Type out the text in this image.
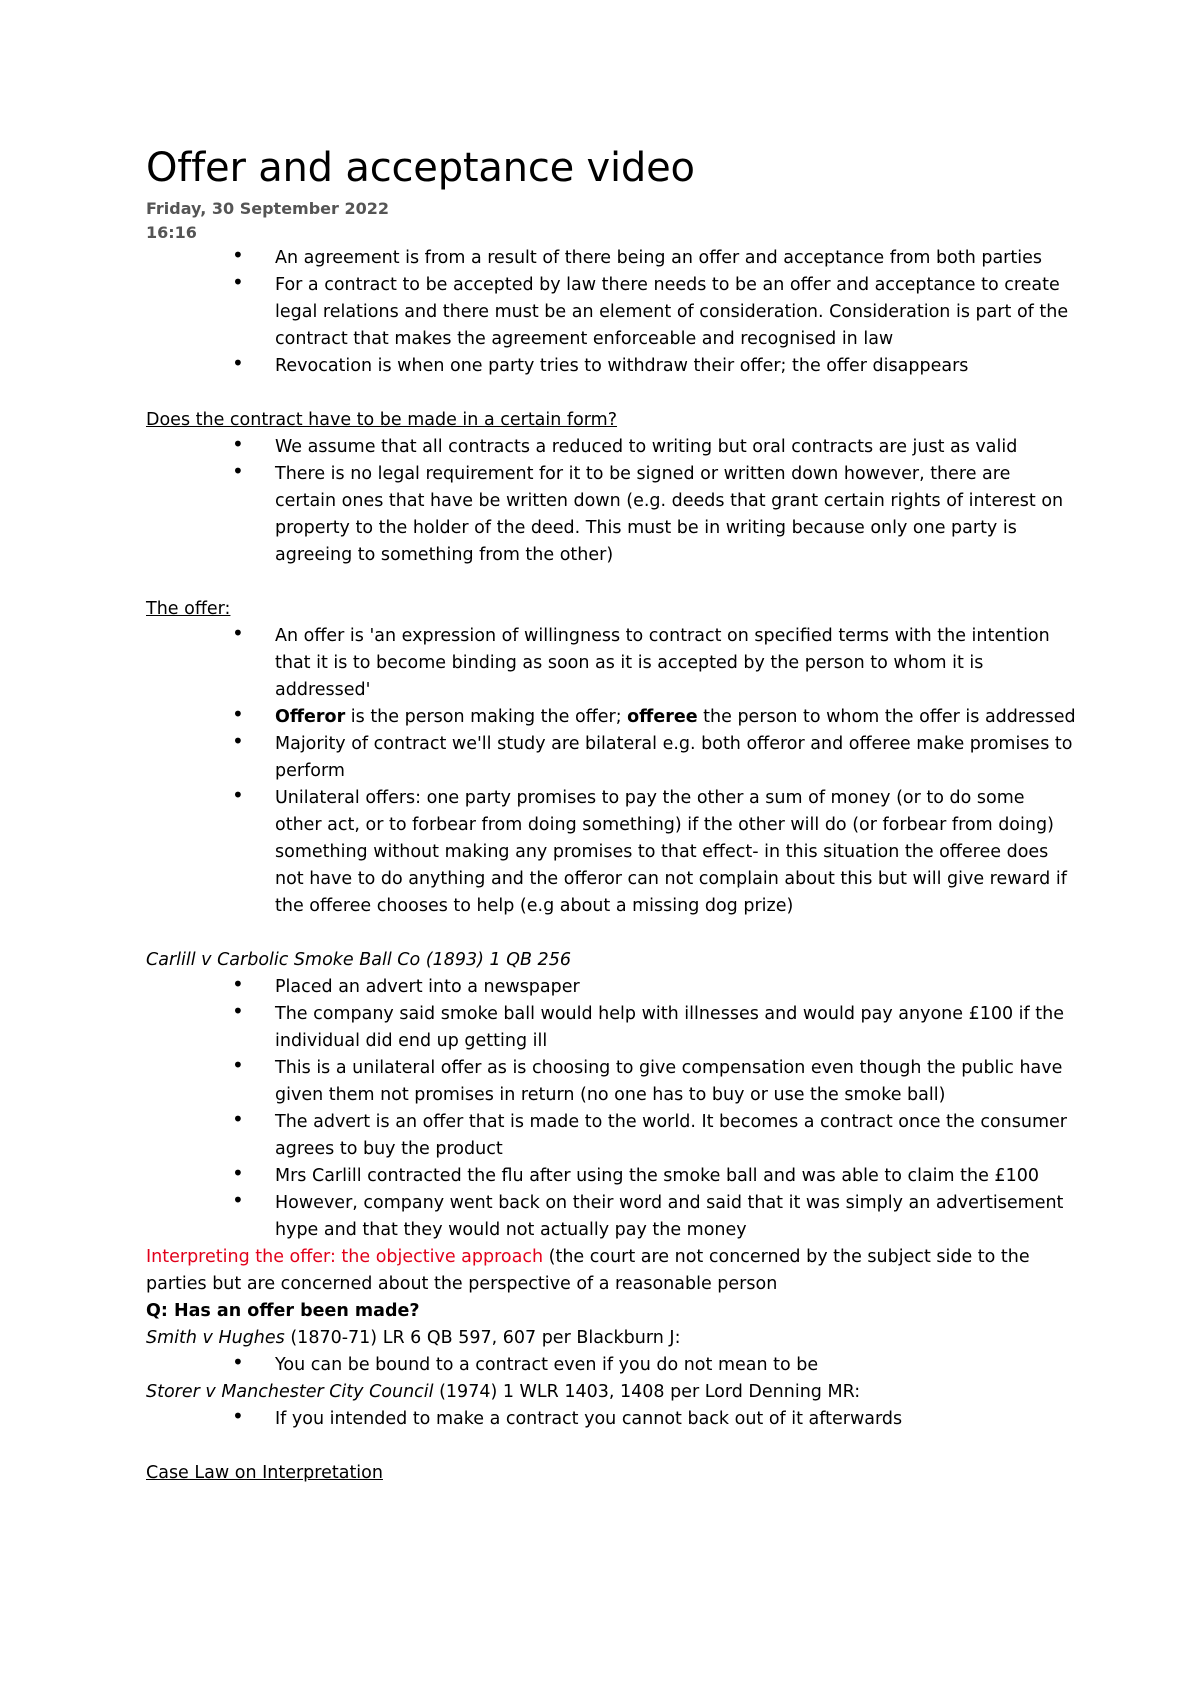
Offer and acceptance video
Friday, 30 September 2022
16:16
• An agreement is from a result of there being an offer and acceptance from both parties
• For a contract to be accepted by law there needs to be an offer and acceptance to create legal relations and there must be an element of consideration. Consideration is part of the contract that makes the agreement enforceable and recognised in law
• Revocation is when one party tries to withdraw their offer; the offer disappears

Does the contract have to be made in a certain form?

• We assume that all contracts a reduced to writing but oral contracts are just as valid
• There is no legal requirement for it to be signed or written down however, there are certain ones that have be written down (e.g. deeds that grant certain rights of interest on property to the holder of the deed. This must be in writing because only one party is agreeing to something from the other)

The offer:

• An offer is 'an expression of willingness to contract on specified terms with the intention that it is to become binding as soon as it is accepted by the person to whom it is addressed'
• Offeror is the person making the offer; offeree the person to whom the offer is addressed
• Majority of contract we'll study are bilateral e.g. both offeror and offeree make promises to perform
• Unilateral offers: one party promises to pay the other a sum of money (or to do some other act, or to forbear from doing something) if the other will do (or forbear from doing) something without making any promises to that effect- in this situation the offeree does not have to do anything and the offeror can not complain about this but will give reward if the offeree chooses to help (e.g about a missing dog prize)

Carlill v Carbolic Smoke Ball Co (1893) 1 QB 256

• Placed an advert into a newspaper
• The company said smoke ball would help with illnesses and would pay anyone £100 if the individual did end up getting ill
• This is a unilateral offer as is choosing to give compensation even though the public have given them not promises in return (no one has to buy or use the smoke ball)
• The advert is an offer that is made to the world. It becomes a contract once the consumer agrees to buy the product
• Mrs Carlill contracted the flu after using the smoke ball and was able to claim the £100
• However, company went back on their word and said that it was simply an advertisement hype and that they would not actually pay the money

Interpreting the offer: the objective approach (the court are not concerned by the subject side to the parties but are concerned about the perspective of a reasonable person

Q: Has an offer been made?

Smith v Hughes (1870-71) LR 6 QB 597, 607 per Blackburn J:

• You can be bound to a contract even if you do not mean to be

Storer v Manchester City Council (1974) 1 WLR 1403, 1408 per Lord Denning MR:

• If you intended to make a contract you cannot back out of it afterwards

Case Law on Interpretation
